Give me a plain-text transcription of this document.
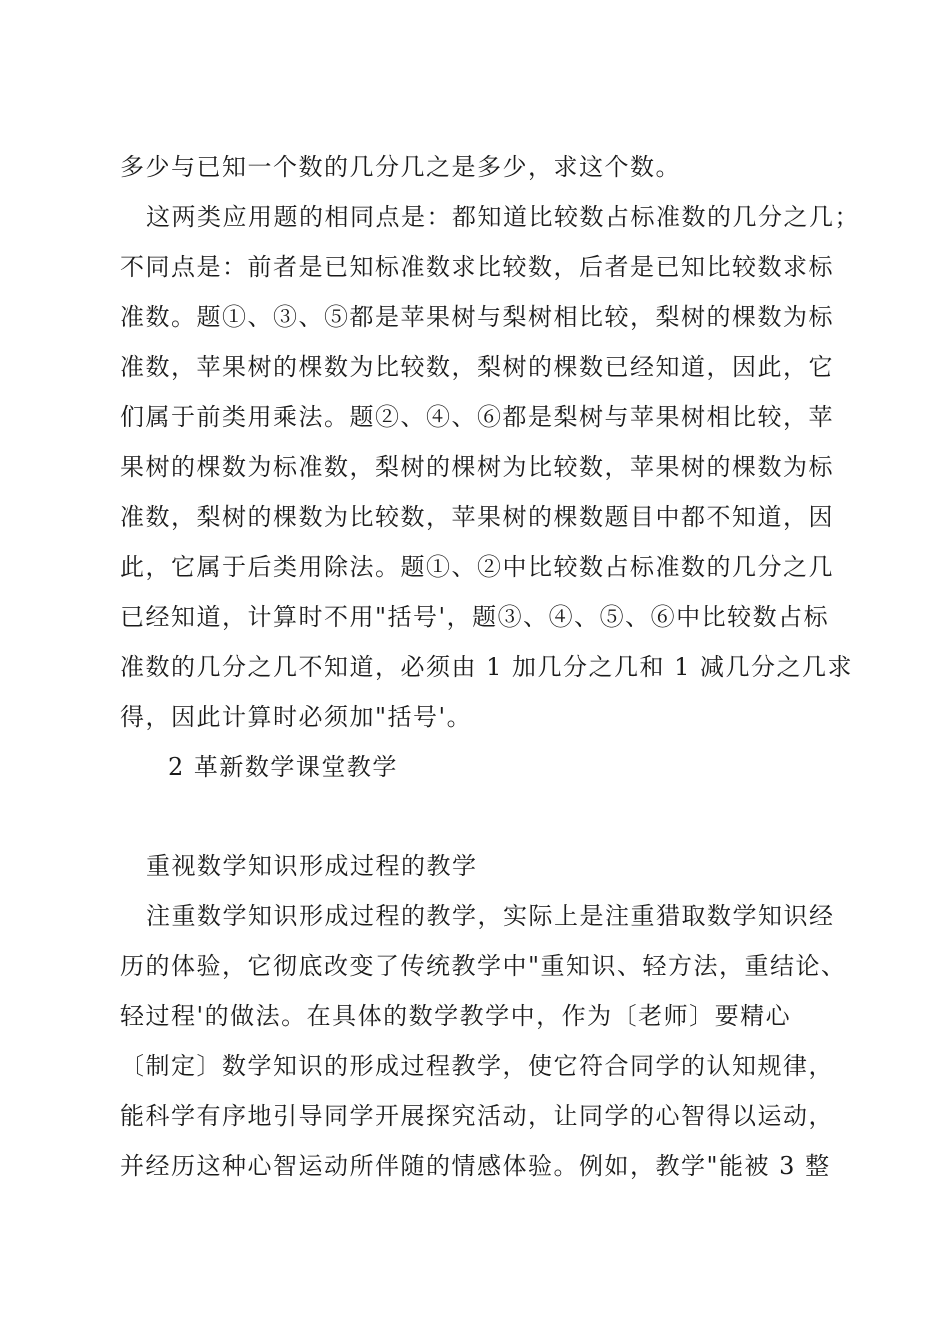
多少与已知一个数的几分几之是多少，求这个数。
这两类应用题的相同点是：都知道比较数占标准数的几分之几；
不同点是：前者是已知标准数求比较数，后者是已知比较数求标
准数。题①、③、⑤都是苹果树与梨树相比较，梨树的棵数为标
准数，苹果树的棵数为比较数，梨树的棵数已经知道，因此，它
们属于前类用乘法。题②、④、⑥都是梨树与苹果树相比较，苹
果树的棵数为标准数，梨树的棵树为比较数，苹果树的棵数为标
准数，梨树的棵数为比较数，苹果树的棵数题目中都不知道，因
此，它属于后类用除法。题①、②中比较数占标准数的几分之几
已经知道，计算时不用"括号'，题③、④、⑤、⑥中比较数占标
准数的几分之几不知道，必须由 1 加几分之几和 1 减几分之几求
得，因此计算时必须加"括号'。
2 革新数学课堂教学
重视数学知识形成过程的教学
注重数学知识形成过程的教学，实际上是注重猎取数学知识经
历的体验，它彻底改变了传统教学中"重知识、轻方法，重结论、
轻过程'的做法。在具体的数学教学中，作为〔老师〕要精心
〔制定〕数学知识的形成过程教学，使它符合同学的认知规律，
能科学有序地引导同学开展探究活动，让同学的心智得以运动，
并经历这种心智运动所伴随的情感体验。例如，教学"能被 3 整
